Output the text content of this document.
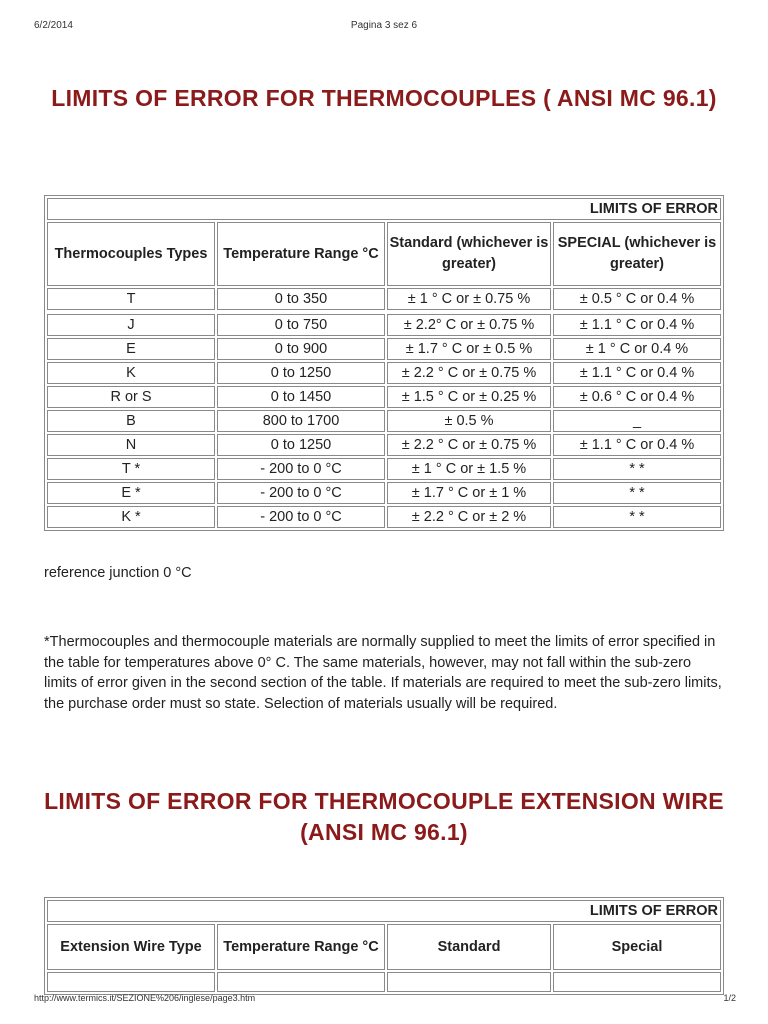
6/2/2014	Pagina 3 sez 6
LIMITS OF ERROR FOR THERMOCOUPLES ( ANSI MC 96.1)
LIMITS OF ERROR			
Thermocouples Types	Temperature Range °C	Standard (whichever is greater)	SPECIAL (whichever is greater)
T	0 to 350	± 1 ° C or ± 0.75 %	± 0.5 ° C or 0.4 %

J	0 to 750	± 2.2° C or ± 0.75 %	± 1.1 ° C or 0.4 %
E	0 to 900	± 1.7 ° C or ± 0.5 %	± 1 ° C or 0.4 %
K	0 to 1250	± 2.2 ° C or ± 0.75 %	± 1.1 ° C or 0.4 %
R or S	0 to 1450	± 1.5 ° C or ± 0.25 %	± 0.6 ° C or 0.4 %
B	800 to 1700	± 0.5 %	_
N	0 to 1250	± 2.2 ° C or ± 0.75 %	± 1.1 ° C or 0.4 %
T *	- 200 to 0 °C	± 1 ° C or ± 1.5 %	* *
E *	- 200 to 0 °C	± 1.7 ° C or ± 1 %	* *
K *	- 200 to 0 °C	± 2.2 ° C or ± 2 %	* *

reference junction 0 °C

*Thermocouples and thermocouple materials are normally supplied to meet the limits of error specified in the table for temperatures above 0° C. The same materials, however, may not fall within the sub-zero limits of error given in the second section of the table. If materials are required to meet the sub-zero limits, the purchase order must so state. Selection of materials usually will be required.

LIMITS OF ERROR FOR THERMOCOUPLE EXTENSION WIRE (ANSI MC 96.1)
LIMITS OF ERROR			
Extension Wire Type	Temperature Range °C	Standard	Special

http://www.termics.it/SEZIONE%206/inglese/page3.htm	1/2
